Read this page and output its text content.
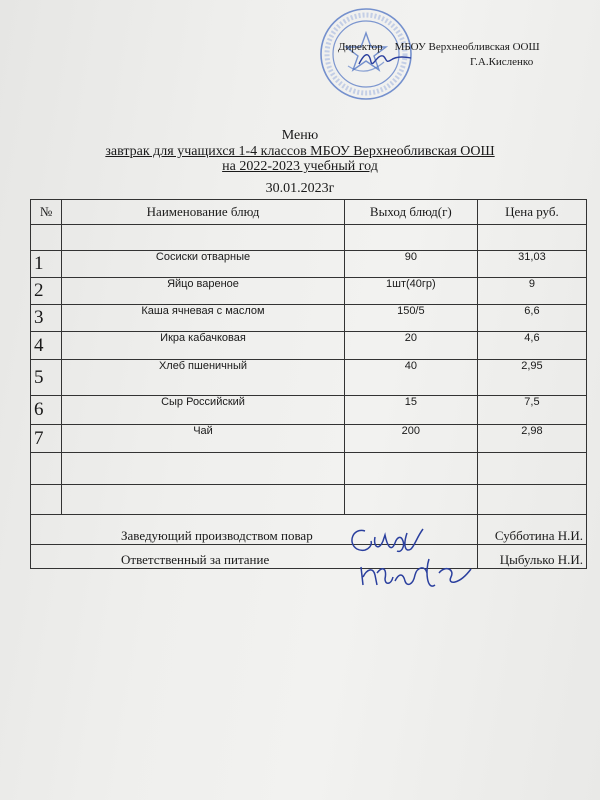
Директор МБОУ Верхнеобливская ООШ
Г.А.Кисленко
Меню
завтрак для учащихся 1-4 классов МБОУ Верхнеобливская ООШ
на 2022-2023 учебный год
30.01.2023г
№	Наименование блюд	Выход блюд(г)	Цена руб.

1	Сосиски отварные	90	31,03
2	Яйцо вареное	1шт(40гр)	9
3	Каша ячневая с маслом	150/5	6,6
4	Икра кабачковая	20	4,6
5	Хлеб пшеничный	40	2,95
6	Сыр Российский	15	7,5
7	Чай	200	2,98

Заведующий производством повар			Субботина Н.И.
Ответственный за питание			Цыбулько Н.И.
